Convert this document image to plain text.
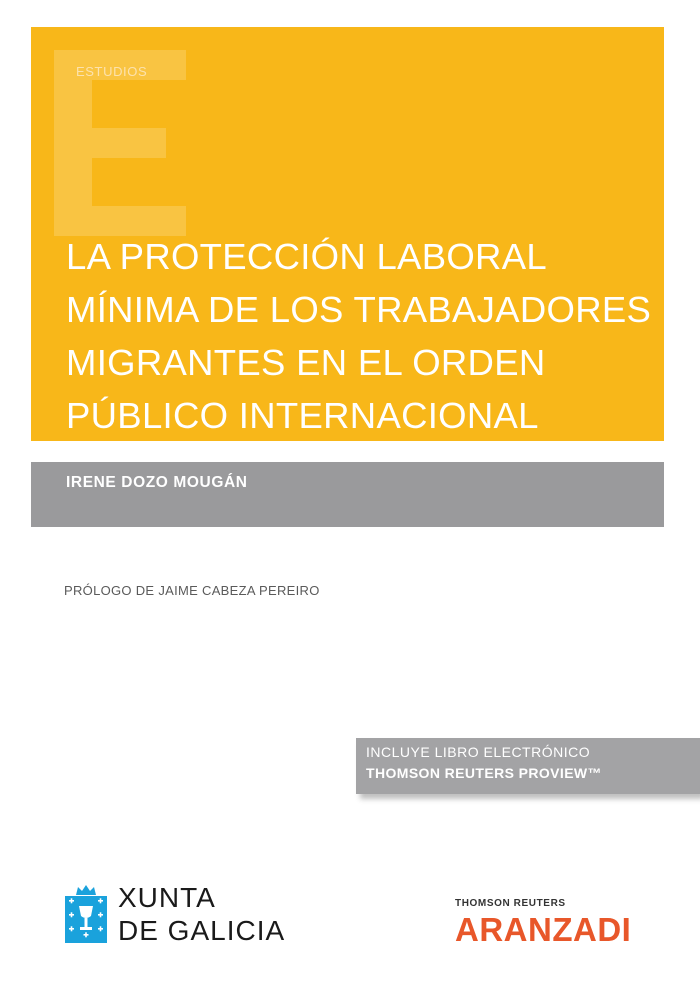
ESTUDIOS
LA PROTECCIÓN LABORAL
MÍNIMA DE LOS TRABAJADORES
MIGRANTES EN EL ORDEN
PÚBLICO INTERNACIONAL
IRENE DOZO MOUGÁN
PRÓLOGO DE JAIME CABEZA PEREIRO
INCLUYE LIBRO ELECTRÓNICO
THOMSON REUTERS PROVIEW™
XUNTA
DE GALICIA
THOMSON REUTERS
ARANZADI
